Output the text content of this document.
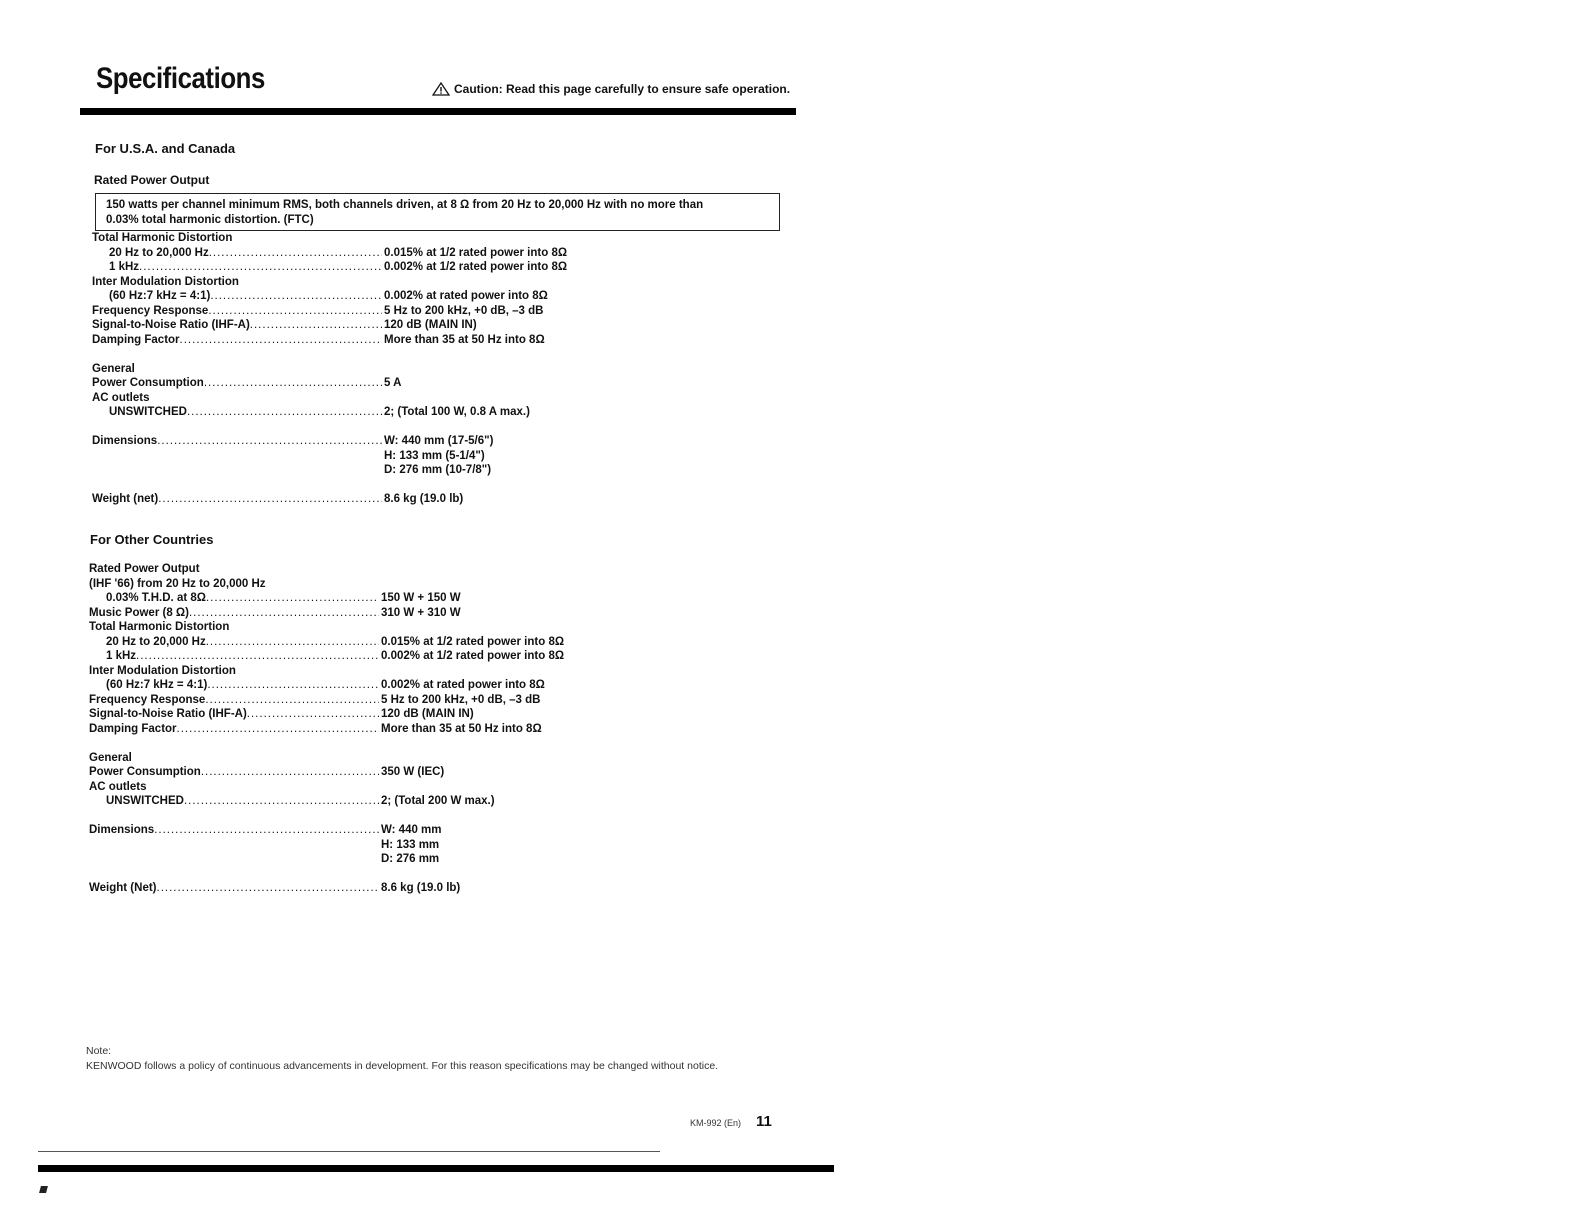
Specifications	Caution: Read this page carefully to ensure safe operation.
For U.S.A. and Canada
Rated Power Output
150 watts per channel minimum RMS, both channels driven, at 8 Ω from 20 Hz to 20,000 Hz with no more than
0.03% total harmonic distortion. (FTC)
Total Harmonic Distortion
20 Hz to 20,000 Hz .....	0.015% at 1/2 rated power into 8Ω
1 kHz .....	0.002% at 1/2 rated power into 8Ω
Inter Modulation Distortion
(60 Hz:7 kHz = 4:1) .....	0.002% at rated power into 8Ω
Frequency Response .....	5 Hz to 200 kHz, +0 dB, –3 dB
Signal-to-Noise Ratio (IHF-A) .....	120 dB (MAIN IN)
Damping Factor .....	More than 35 at 50 Hz into 8Ω
General
Power Consumption .....	5 A
AC outlets
UNSWITCHED .....	2; (Total 100 W, 0.8 A max.)
Dimensions .....	W: 440 mm (17-5/6")
H: 133 mm (5-1/4")
D: 276 mm (10-7/8")
Weight (net) .....	8.6 kg (19.0 lb)
For Other Countries
Rated Power Output
(IHF '66) from 20 Hz to 20,000 Hz
0.03% T.H.D. at 8Ω .....	150 W + 150 W
Music Power (8 Ω) .....	310 W + 310 W
Total Harmonic Distortion
20 Hz to 20,000 Hz .....	0.015% at 1/2 rated power into 8Ω
1 kHz .....	0.002% at 1/2 rated power into 8Ω
Inter Modulation Distortion
(60 Hz:7 kHz = 4:1) .....	0.002% at rated power into 8Ω
Frequency Response .....	5 Hz to 200 kHz, +0 dB, –3 dB
Signal-to-Noise Ratio (IHF-A) .....	120 dB (MAIN IN)
Damping Factor .....	More than 35 at 50 Hz into 8Ω
General
Power Consumption .....	350 W (IEC)
AC outlets
UNSWITCHED .....	2; (Total 200 W max.)
Dimensions .....	W: 440 mm
H: 133 mm
D: 276 mm
Weight (Net) .....	8.6 kg (19.0 lb)
Note:
KENWOOD follows a policy of continuous advancements in development. For this reason specifications may be changed without notice.
KM-992 (En) 11
